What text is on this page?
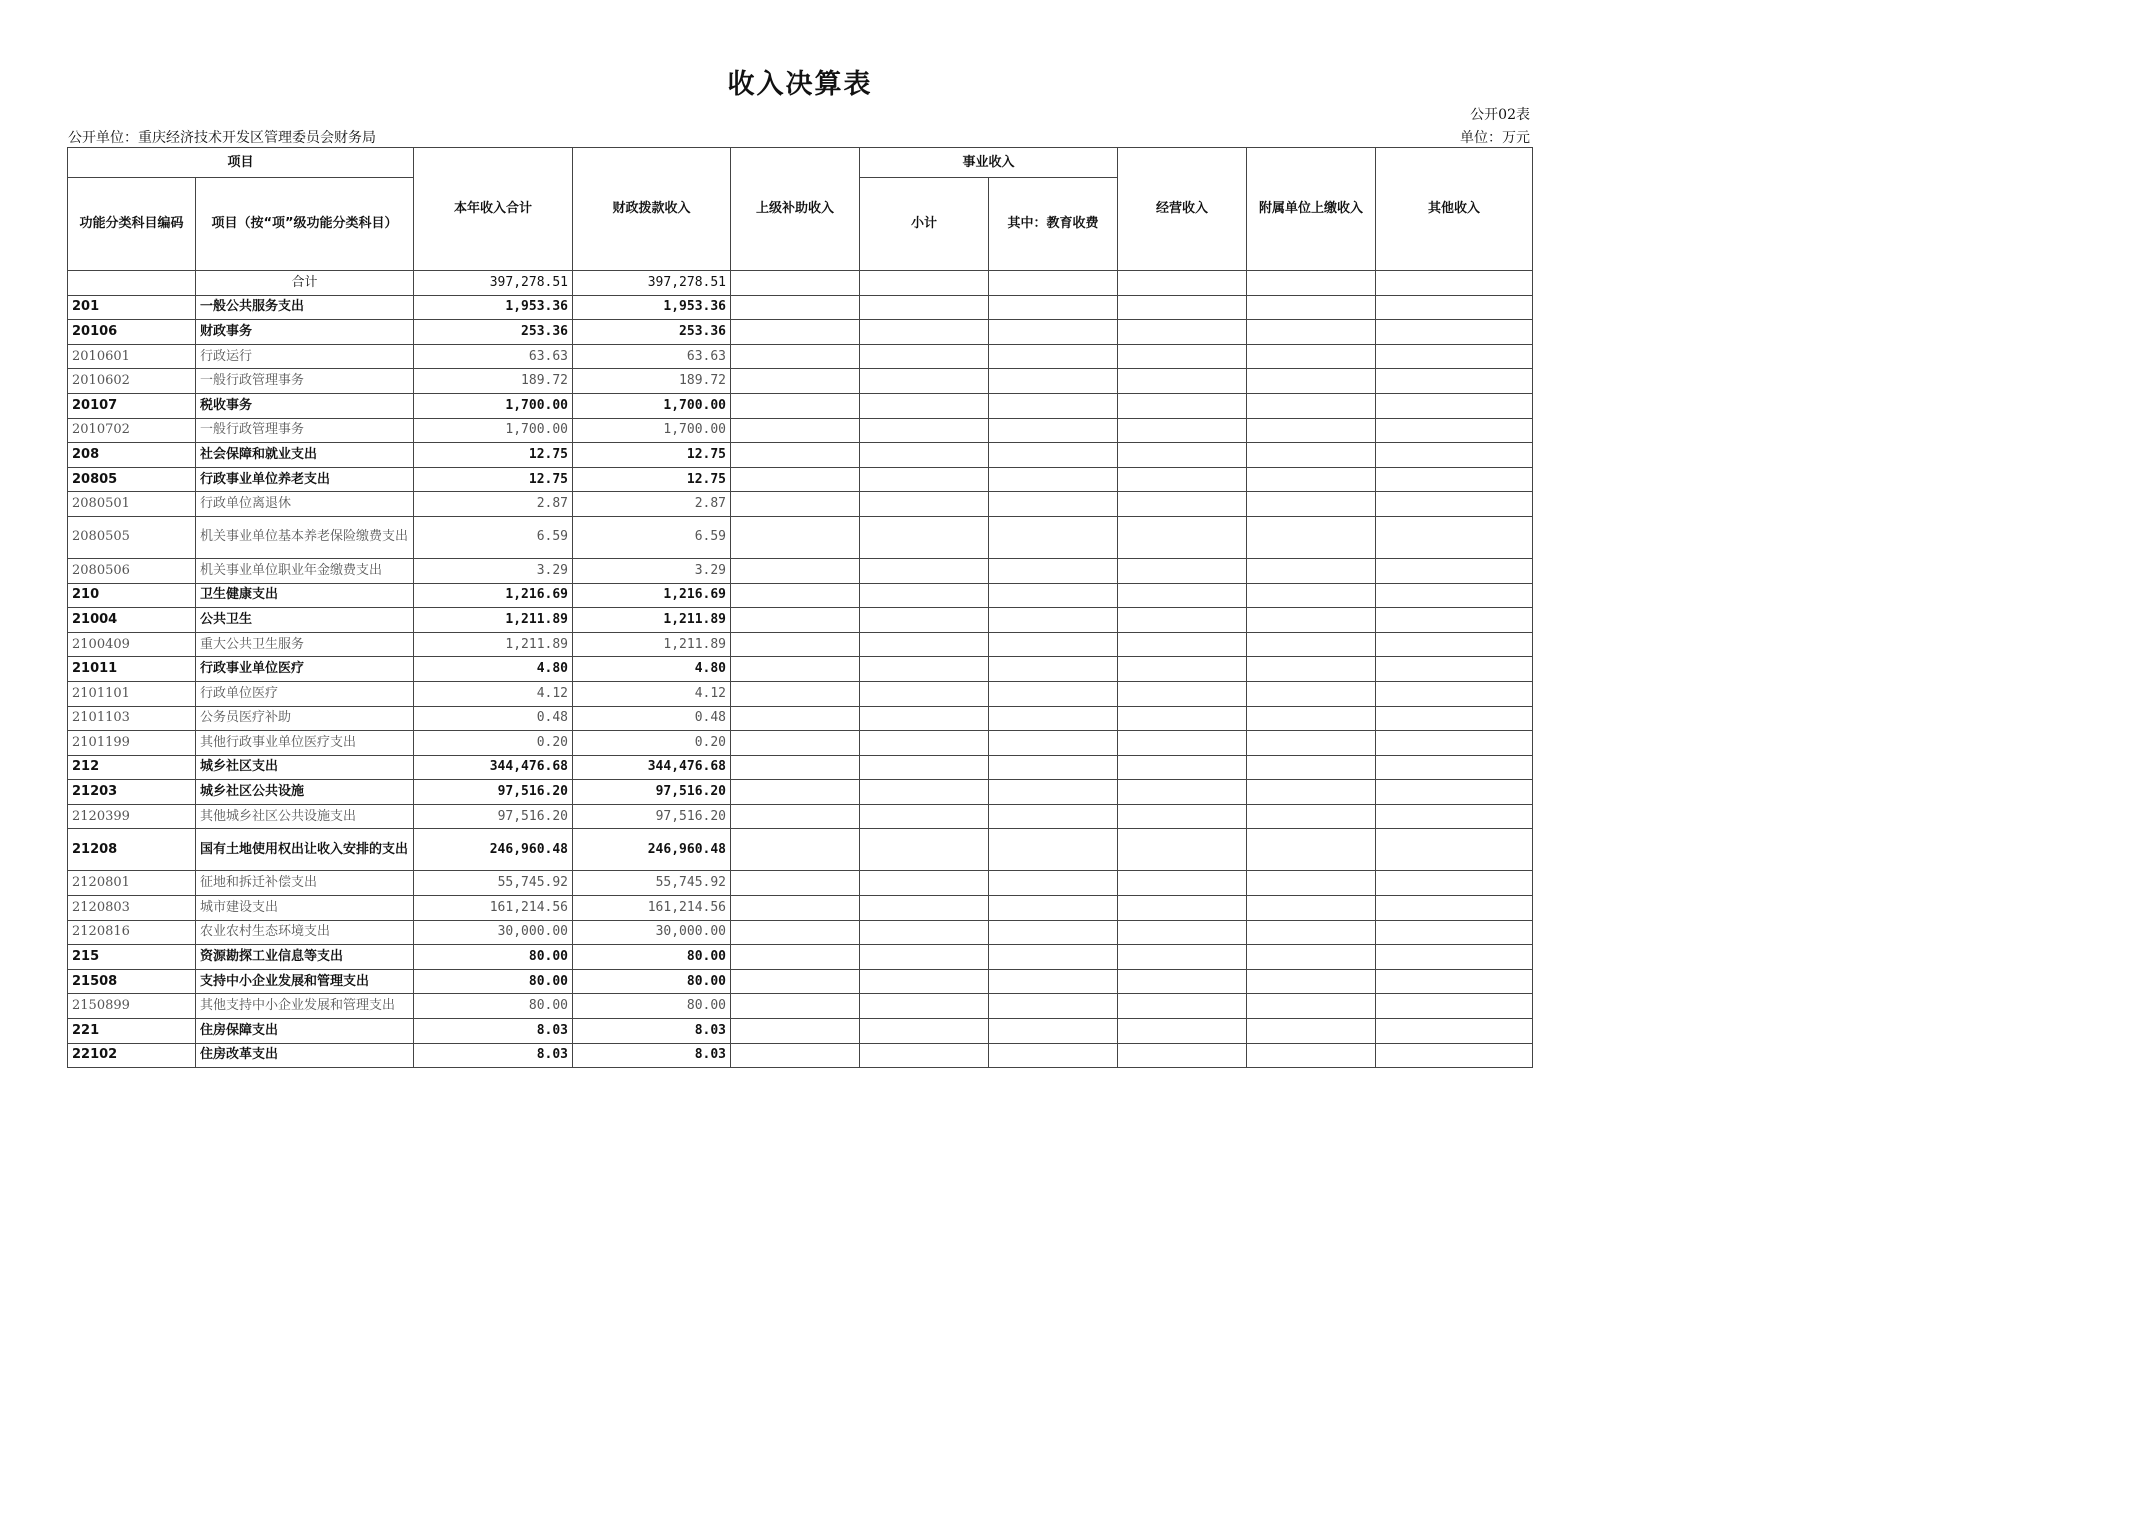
收入决算表
公开02表
公开单位：重庆经济技术开发区管理委员会财务局	单位：万元
项目		本年收入合计	财政拨款收入	上级补助收入	事业收入		经营收入	附属单位上缴收入	其他收入
功能分类科目编码	项目（按“项”级功能分类科目）				小计	其中：教育收费			
	合计	397,278.51	397,278.51						
201	一般公共服务支出	1,953.36	1,953.36						
20106	财政事务	253.36	253.36						
2010601	行政运行	63.63	63.63						
2010602	一般行政管理事务	189.72	189.72						
20107	税收事务	1,700.00	1,700.00						
2010702	一般行政管理事务	1,700.00	1,700.00						
208	社会保障和就业支出	12.75	12.75						
20805	行政事业单位养老支出	12.75	12.75						
2080501	行政单位离退休	2.87	2.87						
2080505	机关事业单位基本养老保险缴费支出	6.59	6.59						
2080506	机关事业单位职业年金缴费支出	3.29	3.29						
210	卫生健康支出	1,216.69	1,216.69						
21004	公共卫生	1,211.89	1,211.89						
2100409	重大公共卫生服务	1,211.89	1,211.89						
21011	行政事业单位医疗	4.80	4.80						
2101101	行政单位医疗	4.12	4.12						
2101103	公务员医疗补助	0.48	0.48						
2101199	其他行政事业单位医疗支出	0.20	0.20						
212	城乡社区支出	344,476.68	344,476.68						
21203	城乡社区公共设施	97,516.20	97,516.20						
2120399	其他城乡社区公共设施支出	97,516.20	97,516.20						
21208	国有土地使用权出让收入安排的支出	246,960.48	246,960.48						
2120801	征地和拆迁补偿支出	55,745.92	55,745.92						
2120803	城市建设支出	161,214.56	161,214.56						
2120816	农业农村生态环境支出	30,000.00	30,000.00						
215	资源勘探工业信息等支出	80.00	80.00						
21508	支持中小企业发展和管理支出	80.00	80.00						
2150899	其他支持中小企业发展和管理支出	80.00	80.00						
221	住房保障支出	8.03	8.03						
22102	住房改革支出	8.03	8.03						
